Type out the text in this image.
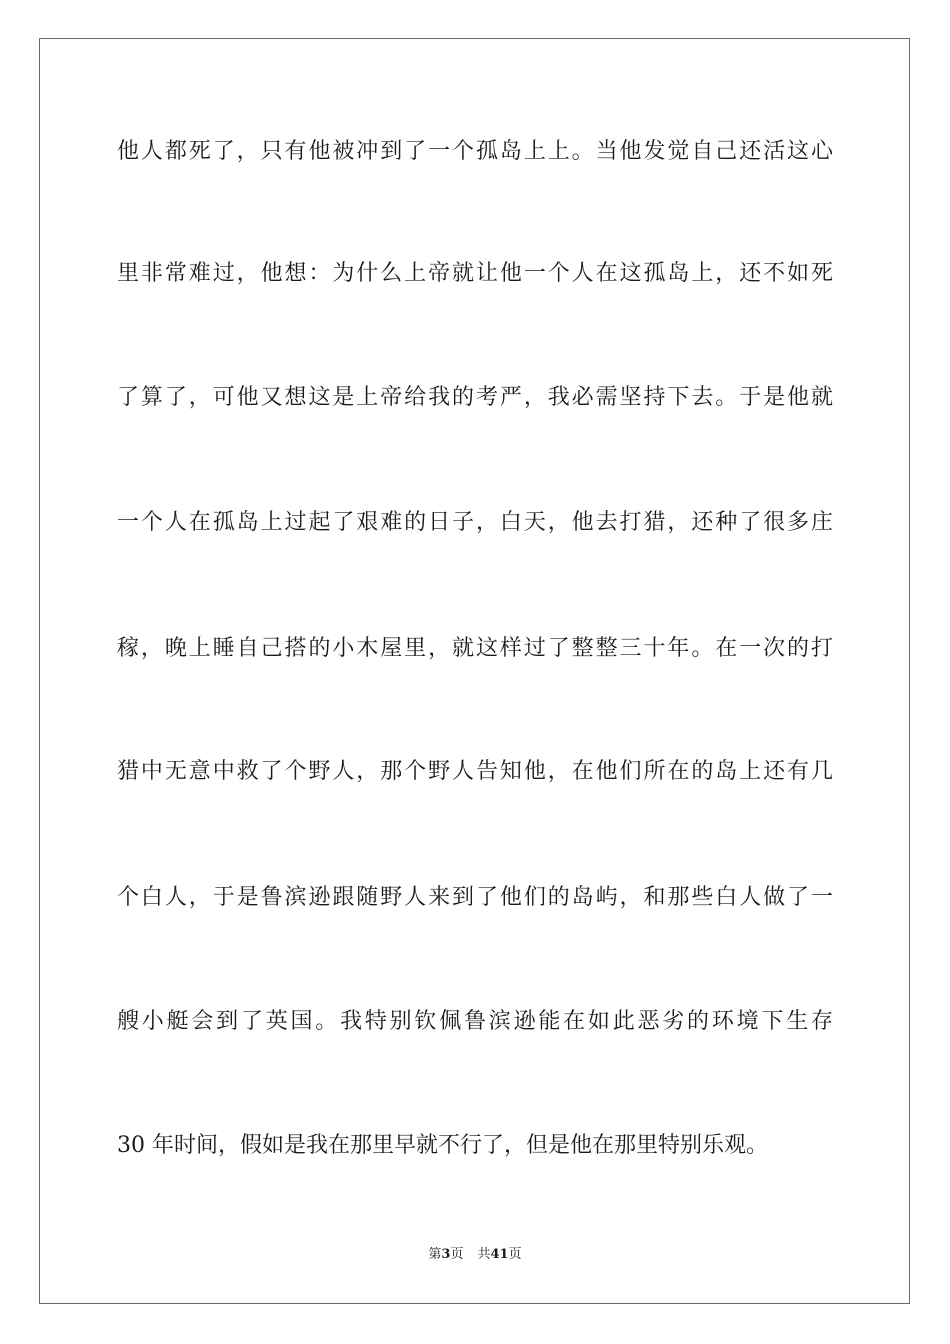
他人都死了，只有他被冲到了一个孤岛上上。当他发觉自己还活这心
里非常难过，他想：为什么上帝就让他一个人在这孤岛上，还不如死
了算了，可他又想这是上帝给我的考严，我必需坚持下去。于是他就
一个人在孤岛上过起了艰难的日子，白天，他去打猎，还种了很多庄
稼，晚上睡自己搭的小木屋里，就这样过了整整三十年。在一次的打
猎中无意中救了个野人，那个野人告知他，在他们所在的岛上还有几
个白人，于是鲁滨逊跟随野人来到了他们的岛屿，和那些白人做了一
艘小艇会到了英国。我特别钦佩鲁滨逊能在如此恶劣的环境下生存
30 年时间，假如是我在那里早就不行了，但是他在那里特别乐观。
第3页 共41页
